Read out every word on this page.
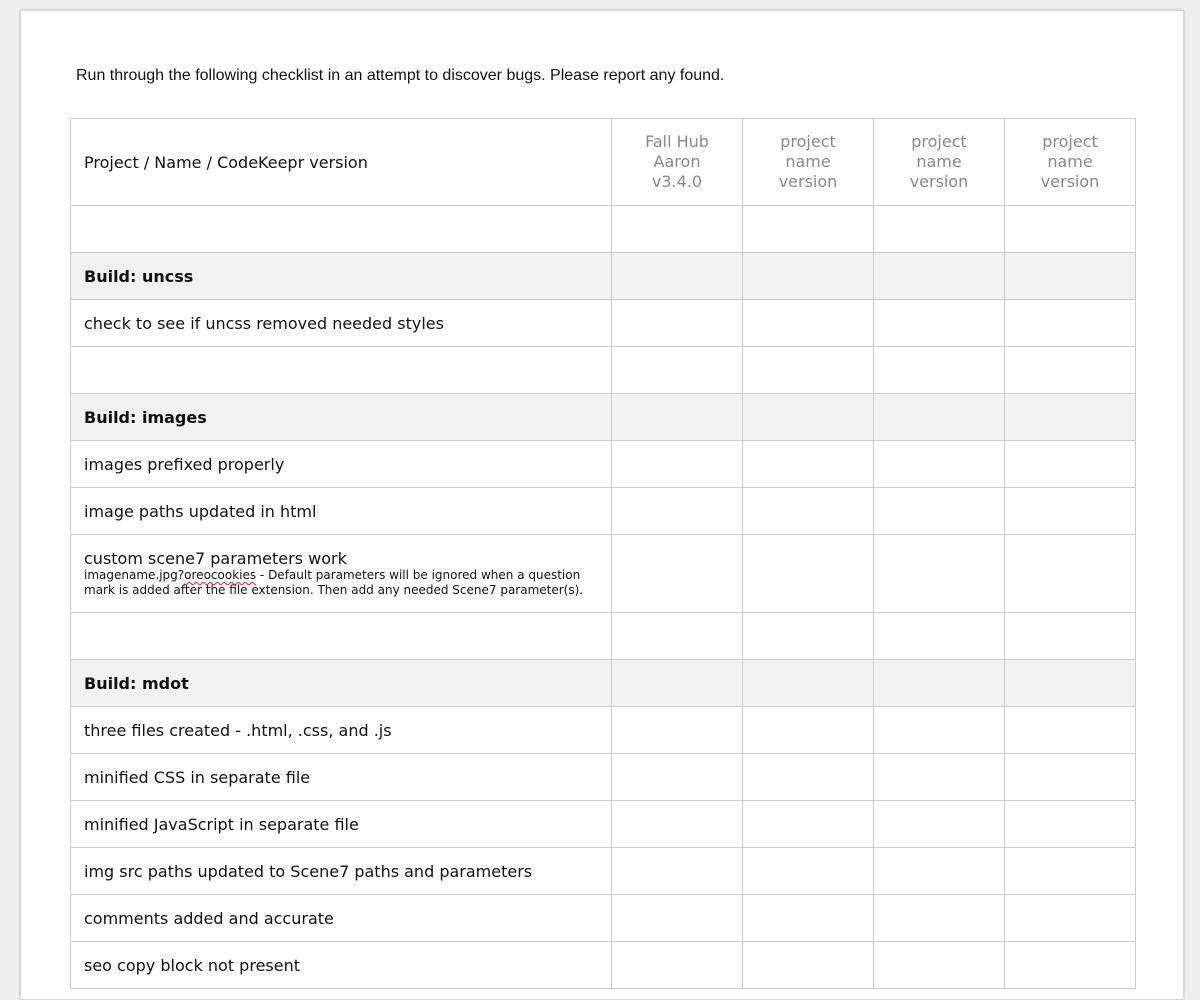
Run through the following checklist in an attempt to discover bugs. Please report any found.

Project / Name / CodeKeepr version	Fall Hub
Aaron
v3.4.0	project
name
version	project
name
version	project
name
version

Build: uncss				
check to see if uncss removed needed styles				

Build: images				
images prefixed properly				
image paths updated in html				

custom scene7 parameters work
imagename.jpg?oreocookies - Default parameters will be ignored when a question
mark is added after the file extension. Then add any needed Scene7 parameter(s).				

Build: mdot				
three files created - .html, .css, and .js				
minified CSS in separate file				
minified JavaScript in separate file				
img src paths updated to Scene7 paths and parameters				
comments added and accurate				
seo copy block not present				
